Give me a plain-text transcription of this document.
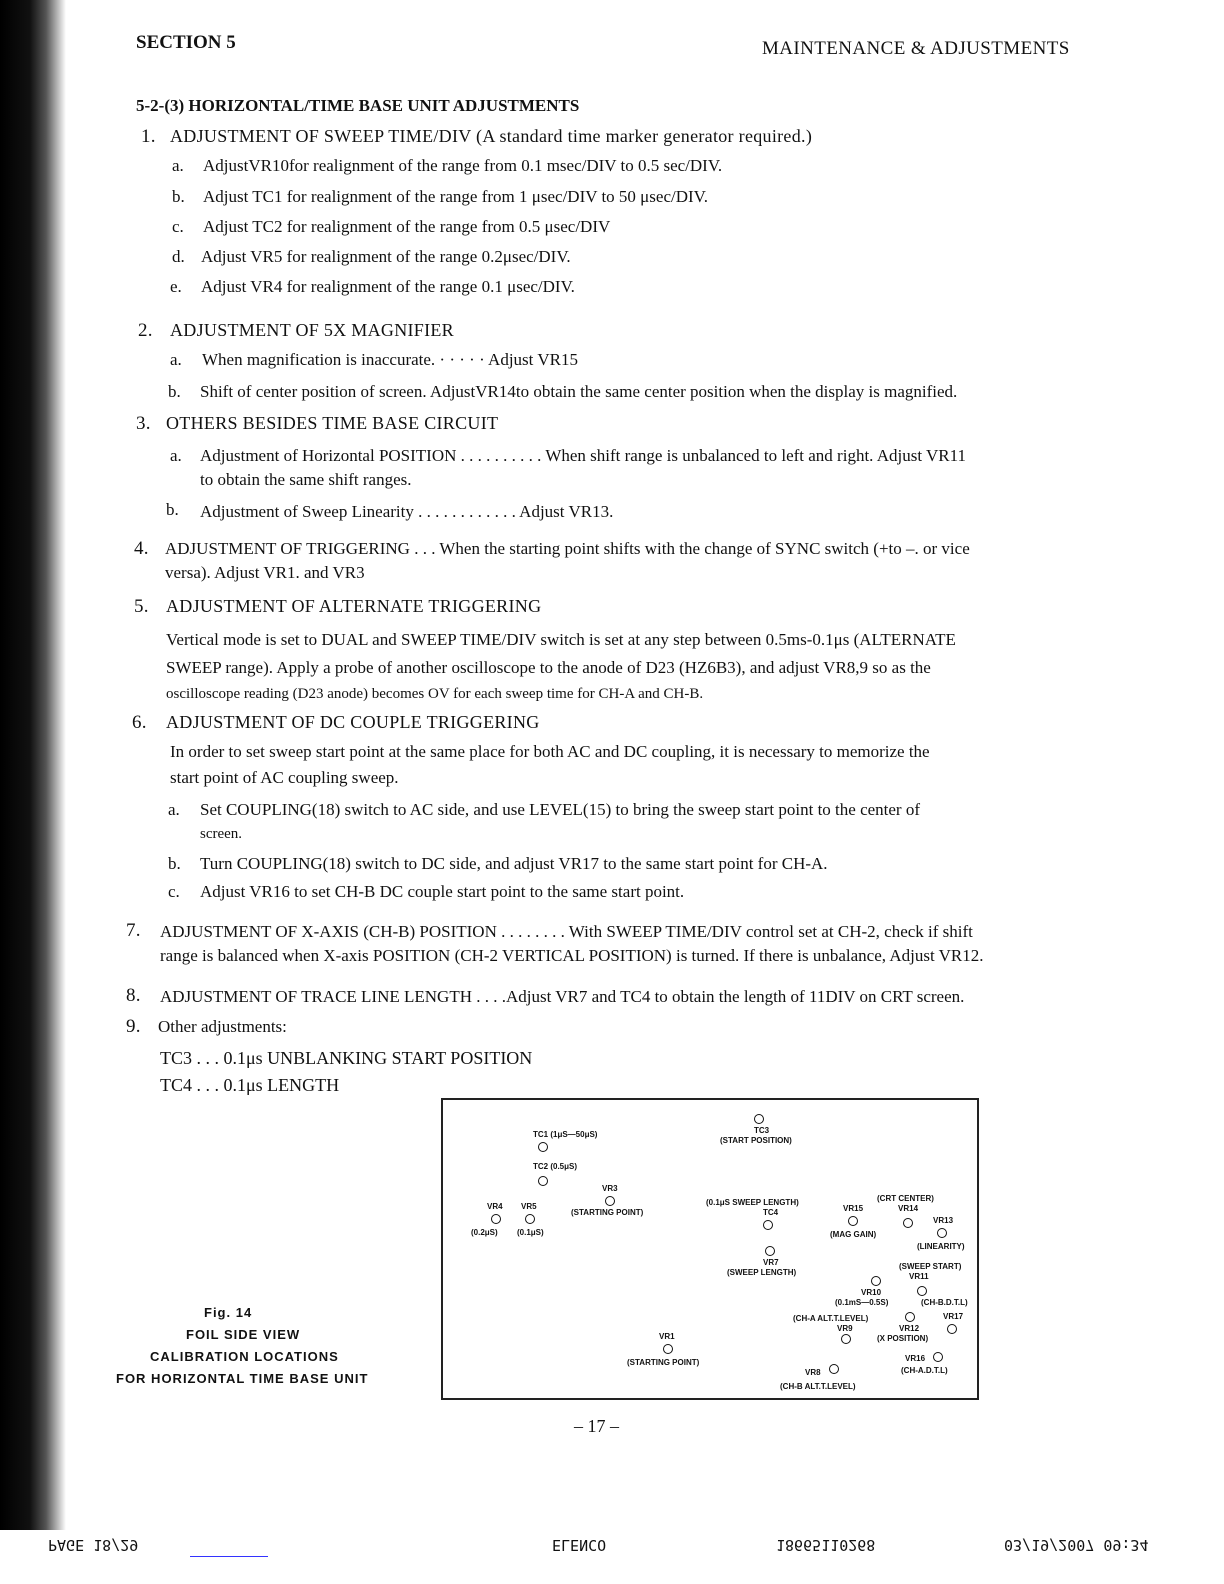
SECTION 5	MAINTENANCE & ADJUSTMENTS
5-2-(3) HORIZONTAL/TIME BASE UNIT ADJUSTMENTS
1. ADJUSTMENT OF SWEEP TIME/DIV (A standard time marker generator required.)
a. AdjustVR10for realignment of the range from 0.1 msec/DIV to 0.5 sec/DIV.
b. Adjust TC1 for realignment of the range from 1 μsec/DIV to 50 μsec/DIV.
c. Adjust TC2 for realignment of the range from 0.5 μsec/DIV
d. Adjust VR5 for realignment of the range 0.2μsec/DIV.
e. Adjust VR4 for realignment of the range 0.1 μsec/DIV.
2. ADJUSTMENT OF 5X MAGNIFIER
a. When magnification is inaccurate. · · · · · Adjust VR15
b. Shift of center position of screen. AdjustVR14to obtain the same center position when the display is magnified.
3. OTHERS BESIDES TIME BASE CIRCUIT
a. Adjustment of Horizontal POSITION . . . . . . . . . . When shift range is unbalanced to left and right. Adjust VR11
to obtain the same shift ranges.
b. Adjustment of Sweep Linearity . . . . . . . . . . . . Adjust VR13.
4. ADJUSTMENT OF TRIGGERING . . . When the starting point shifts with the change of SYNC switch (+to –. or vice
versa). Adjust VR1. and VR3
5. ADJUSTMENT OF ALTERNATE TRIGGERING
Vertical mode is set to DUAL and SWEEP TIME/DIV switch is set at any step between 0.5ms-0.1μs (ALTERNATE
SWEEP range). Apply a probe of another oscilloscope to the anode of D23 (HZ6B3), and adjust VR8,9 so as the
oscilloscope reading (D23 anode) becomes OV for each sweep time for CH-A and CH-B.
6. ADJUSTMENT OF DC COUPLE TRIGGERING
In order to set sweep start point at the same place for both AC and DC coupling, it is necessary to memorize the
start point of AC coupling sweep.
a. Set COUPLING(18) switch to AC side, and use LEVEL(15) to bring the sweep start point to the center of
screen.
b. Turn COUPLING(18) switch to DC side, and adjust VR17 to the same start point for CH-A.
c. Adjust VR16 to set CH-B DC couple start point to the same start point.
7. ADJUSTMENT OF X-AXIS (CH-B) POSITION . . . . . . . . With SWEEP TIME/DIV control set at CH-2, check if shift
range is balanced when X-axis POSITION (CH-2 VERTICAL POSITION) is turned. If there is unbalance, Adjust VR12.
8. ADJUSTMENT OF TRACE LINE LENGTH . . . .Adjust VR7 and TC4 to obtain the length of 11DIV on CRT screen.
9. Other adjustments:
TC3 . . . 0.1μs UNBLANKING START POSITION
TC4 . . . 0.1μs LENGTH
Fig. 14
FOIL SIDE VIEW
CALIBRATION LOCATIONS
FOR HORIZONTAL TIME BASE UNIT
TC1 (1μS—50μS)
TC2 (0.5μS)
TC3
(START POSITION)
VR3
(STARTING POINT)
VR4 VR5
(0.2μS) (0.1μS)
(0.1μS SWEEP LENGTH)
TC4	VR15
(MAG GAIN)
(CRT CENTER)
VR14
VR13
(LINEARITY)
VR7
(SWEEP LENGTH)
(SWEEP START)
VR11
VR10
(0.1mS—0.5S)	(CH-B.D.T.L)
(CH-A ALT.T.LEVEL)	VR17
VR9	VR12
(X POSITION)
VR1
(STARTING POINT)	VR16
(CH-A.D.T.L)
VR8
(CH-B ALT.T.LEVEL)
– 17 –
03/19/2007 09:34
18665110268
ELENCO
PAGE 18/29
